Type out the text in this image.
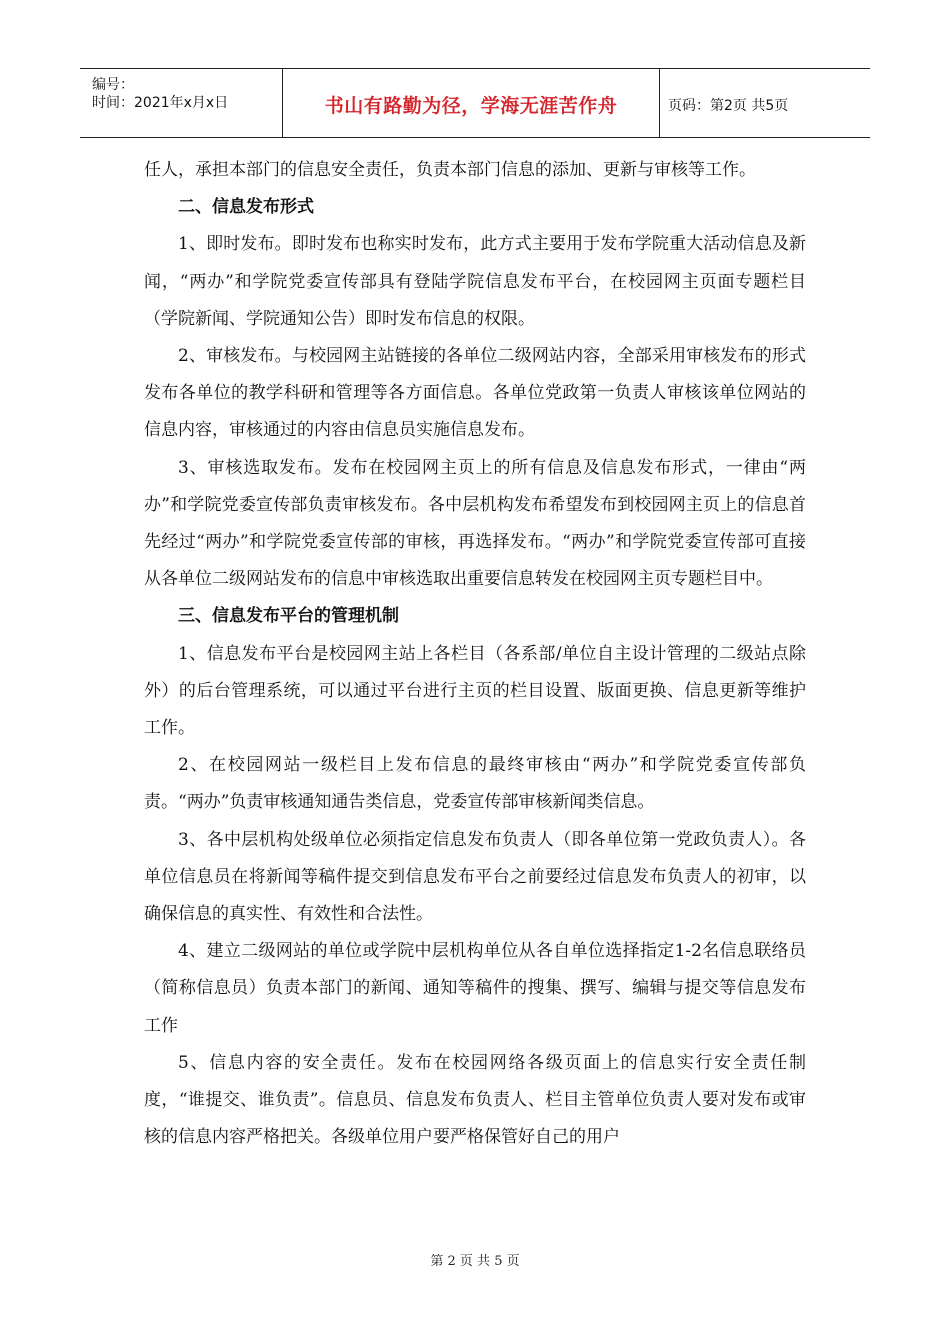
编号：
时间：2021年x月x日	书山有路勤为径，学海无涯苦作舟	页码：第2页 共5页

任人，承担本部门的信息安全责任，负责本部门信息的添加、更新与审核等工作。

二、信息发布形式

1、即时发布。即时发布也称实时发布，此方式主要用于发布学院重大活动信息及新闻，“两办”和学院党委宣传部具有登陆学院信息发布平台，在校园网主页面专题栏目（学院新闻、学院通知公告）即时发布信息的权限。

2、审核发布。与校园网主站链接的各单位二级网站内容，全部采用审核发布的形式发布各单位的教学科研和管理等各方面信息。各单位党政第一负责人审核该单位网站的信息内容，审核通过的内容由信息员实施信息发布。

3、审核选取发布。发布在校园网主页上的所有信息及信息发布形式，一律由“两办”和学院党委宣传部负责审核发布。各中层机构发布希望发布到校园网主页上的信息首先经过“两办”和学院党委宣传部的审核，再选择发布。“两办”和学院党委宣传部可直接从各单位二级网站发布的信息中审核选取出重要信息转发在校园网主页专题栏目中。

三、信息发布平台的管理机制

1、信息发布平台是校园网主站上各栏目（各系部/单位自主设计管理的二级站点除外）的后台管理系统，可以通过平台进行主页的栏目设置、版面更换、信息更新等维护工作。

2、在校园网站一级栏目上发布信息的最终审核由“两办”和学院党委宣传部负责。“两办”负责审核通知通告类信息，党委宣传部审核新闻类信息。

3、各中层机构处级单位必须指定信息发布负责人（即各单位第一党政负责人）。各单位信息员在将新闻等稿件提交到信息发布平台之前要经过信息发布负责人的初审，以确保信息的真实性、有效性和合法性。

4、建立二级网站的单位或学院中层机构单位从各自单位选择指定1-2名信息联络员（简称信息员）负责本部门的新闻、通知等稿件的搜集、撰写、编辑与提交等信息发布工作

5、信息内容的安全责任。发布在校园网络各级页面上的信息实行安全责任制度，“谁提交、谁负责”。信息员、信息发布负责人、栏目主管单位负责人要对发布或审核的信息内容严格把关。各级单位用户要严格保管好自己的用户

第 2 页 共 5 页
